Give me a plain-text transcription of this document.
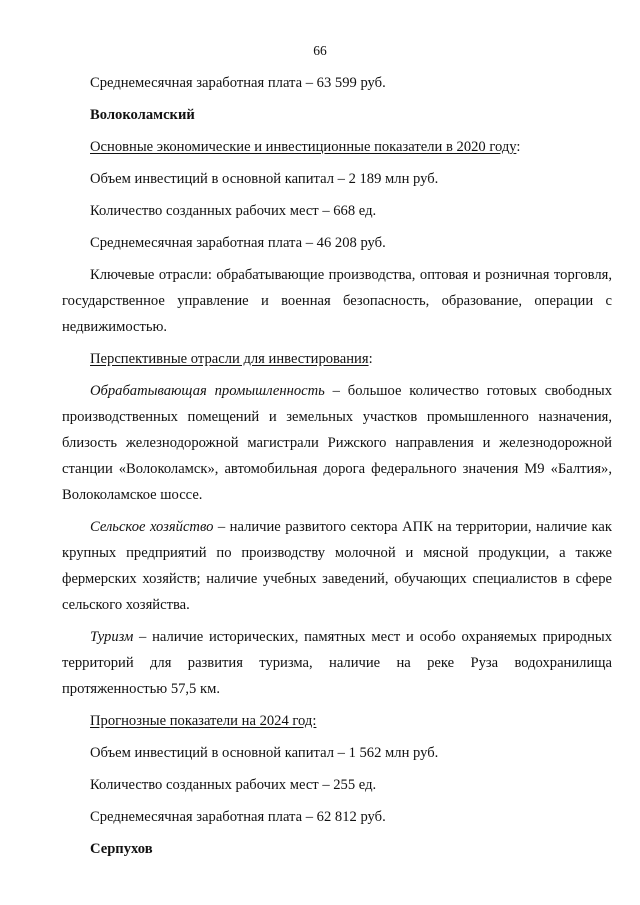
66

Среднемесячная заработная плата – 63 599 руб.

Волоколамский

Основные экономические и инвестиционные показатели в 2020 году:

Объем инвестиций в основной капитал – 2 189 млн руб.

Количество созданных рабочих мест – 668 ед.

Среднемесячная заработная плата – 46 208 руб.

Ключевые отрасли: обрабатывающие производства, оптовая и розничная торговля, государственное управление и военная безопасность, образование, операции с недвижимостью.

Перспективные отрасли для инвестирования:

Обрабатывающая промышленность – большое количество готовых свободных производственных помещений и земельных участков промышленного назначения, близость железнодорожной магистрали Рижского направления и железнодорожной станции «Волоколамск», автомобильная дорога федерального значения М9 «Балтия», Волоколамское шоссе.

Сельское хозяйство – наличие развитого сектора АПК на территории, наличие как крупных предприятий по производству молочной и мясной продукции, а также фермерских хозяйств; наличие учебных заведений, обучающих специалистов в сфере сельского хозяйства.

Туризм – наличие исторических, памятных мест и особо охраняемых природных территорий для развития туризма, наличие на реке Руза водохранилища протяженностью 57,5 км.

Прогнозные показатели на 2024 год:

Объем инвестиций в основной капитал – 1 562 млн руб.

Количество созданных рабочих мест – 255 ед.

Среднемесячная заработная плата – 62 812 руб.

Серпухов
